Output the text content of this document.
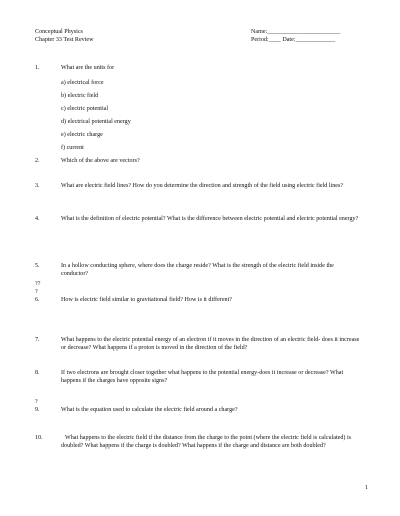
Conceptual Physics
Chapter 33 Test Review
Name:________________________
Period:____ Date:_____________
1.	What are the units for
a) electrical force
b) electric field
c) electric potential
d) electrical potential energy
e) electric charge
f) current
2.	Which of the above are vectors?
3.	What are electric field lines? How do you determine the direction and strength of the field using electric field lines?
4.	What is the definition of electric potential? What is the difference between electric potential and electric potential energy?
5.	In a hollow conducting sphere, where does the charge reside? What is the strength of the electric field inside the conductor?
??
?
6.	How is electric field similar to gravitational field? How is it different?
7.	What happens to the electric potential energy of an electron if it moves in the direction of an electric field- does it increase or decrease? What happens if a proton is moved in the direction of the field?
8.	If two electrons are brought closer together what happens to the potential energy-does it increase or decrease? What happens if the charges have opposite signs?
?
9.	What is the equation used to calculate the electric field around a charge?
10.	What happens to the electric field if the distance from the charge to the point (where the electric field is calculated) is doubled? What happens if the charge is doubled? What happens if the charge and distance are both doubled?
1
